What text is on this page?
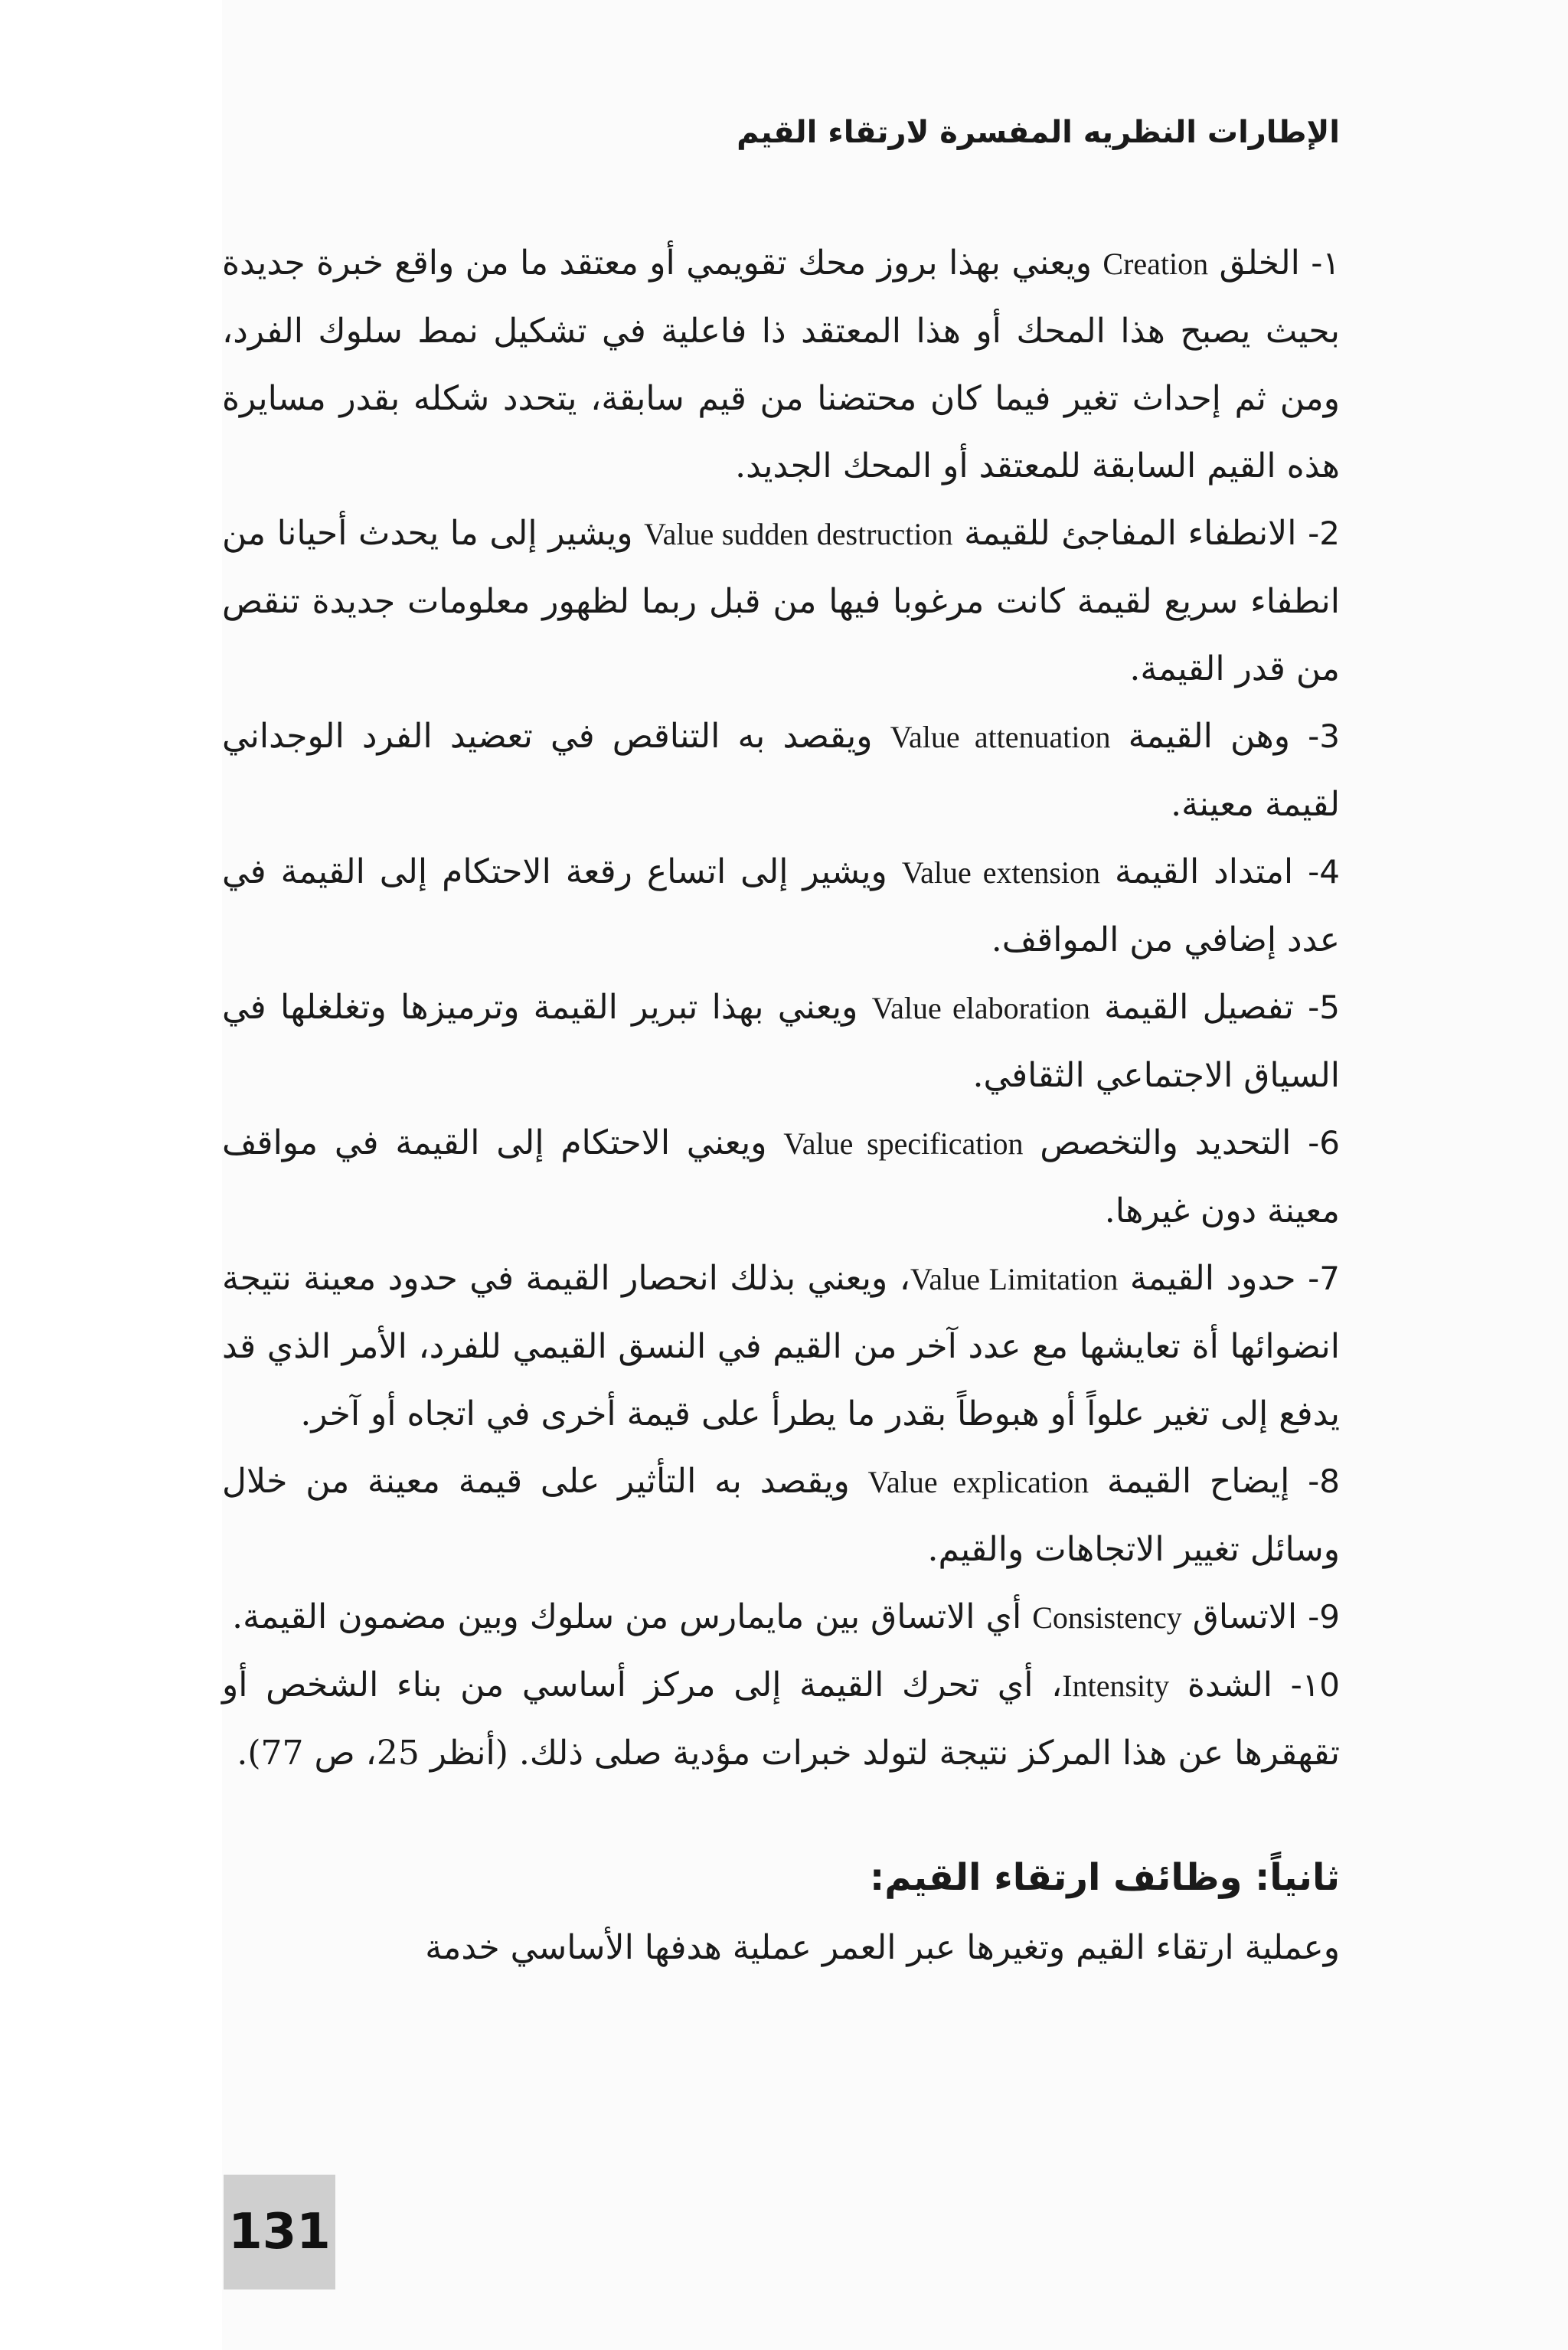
الإطارات النظريه المفسرة لارتقاء القيم

١- الخلق Creation ويعني بهذا بروز محك تقويمي أو معتقد ما من واقع خبرة جديدة بحيث يصبح هذا المحك أو هذا المعتقد ذا فاعلية في تشكيل نمط سلوك الفرد، ومن ثم إحداث تغير فيما كان محتضنا من قيم سابقة، يتحدد شكله بقدر مسايرة هذه القيم السابقة للمعتقد أو المحك الجديد.

2- الانطفاء المفاجئ للقيمة Value sudden destruction ويشير إلى ما يحدث أحيانا من انطفاء سريع لقيمة كانت مرغوبا فيها من قبل ربما لظهور معلومات جديدة تنقص من قدر القيمة.

3- وهن القيمة Value attenuation ويقصد به التناقص في تعضيد الفرد الوجداني لقيمة معينة.

4- امتداد القيمة Value extension ويشير إلى اتساع رقعة الاحتكام إلى القيمة في عدد إضافي من المواقف.

5- تفصيل القيمة Value elaboration ويعني بهذا تبرير القيمة وترميزها وتغلغلها في السياق الاجتماعي الثقافي.

6- التحديد والتخصص Value specification ويعني الاحتكام إلى القيمة في مواقف معينة دون غيرها.

7- حدود القيمة Value Limitation، ويعني بذلك انحصار القيمة في حدود معينة نتيجة انضوائها أة تعايشها مع عدد آخر من القيم في النسق القيمي للفرد، الأمر الذي قد يدفع إلى تغير علواً أو هبوطاً بقدر ما يطرأ على قيمة أخرى في اتجاه أو آخر.

8- إيضاح القيمة Value explication ويقصد به التأثير على قيمة معينة من خلال وسائل تغيير الاتجاهات والقيم.

9- الاتساق Consistency أي الاتساق بين مايمارس من سلوك وبين مضمون القيمة.

١0- الشدة Intensity، أي تحرك القيمة إلى مركز أساسي من بناء الشخص أو تقهقرها عن هذا المركز نتيجة لتولد خبرات مؤدية صلى ذلك. (أنظر 25، ص 77).

ثانياً: وظائف ارتقاء القيم:

وعملية ارتقاء القيم وتغيرها عبر العمر عملية هدفها الأساسي خدمة

131
